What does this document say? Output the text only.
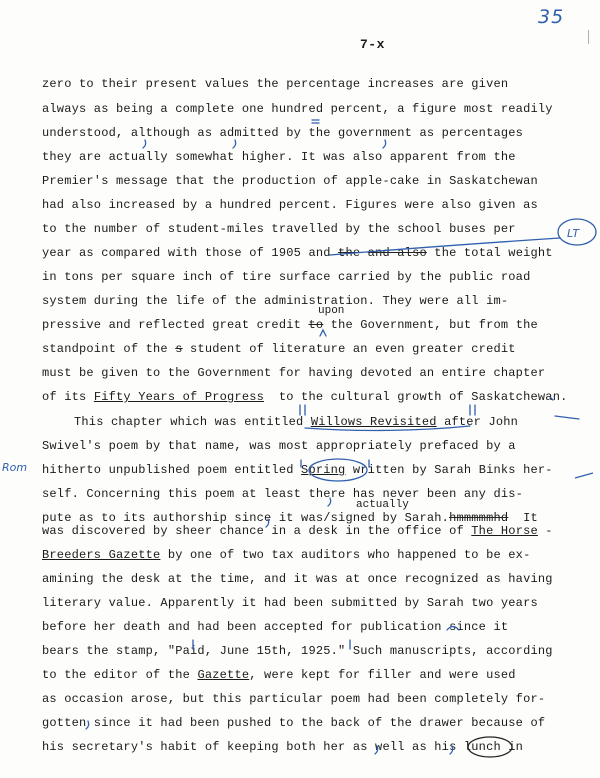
35
7-x
zero to their present values the percentage increases are given
always as being a complete one hundred percent, a figure most readily
understood, although as admitted by the government as percentages
they are actually somewhat higher. It was also apparent from the
Premier's message that the production of apple-cake in Saskatchewan
had also increased by a hundred percent. Figures were also given as
to the number of student-miles travelled by the school buses per
year as compared with those of 1905 and the and also the total weight
in tons per square inch of tire surface carried by the public road
system during the life of the administration. They were all im-
upon
pressive and reflected great credit to the Government, but from the
standpoint of the s student of literature an even greater credit
must be given to the Government for having devoted an entire chapter
of its Fifty Years of Progress  to the cultural growth of Saskatchewan.
This chapter which was entitled Willows Revisited after John
Swivel's poem by that name, was most appropriately prefaced by a
Rom hitherto unpublished poem entitled Spring written by Sarah Binks her-
self. Concerning this poem at least there has never been any dis-
actually
pute as to its authorship since it was/signed by Sarah.hmmmmmhd  It
was discovered by sheer chance in a desk in the office of The Horse -
Breeders Gazette by one of two tax auditors who happened to be ex-
amining the desk at the time, and it was at once recognized as having
literary value. Apparently it had been submitted by Sarah two years
before her death and had been accepted for publication since it
bears the stamp, "Paid, June 15th, 1925." Such manuscripts, according
to the editor of the Gazette, were kept for filler and were used
as occasion arose, but this particular poem had been completely for-
gotten since it had been pushed to the back of the drawer because of
his secretary's habit of keeping both her as well as his lunch in
LT
